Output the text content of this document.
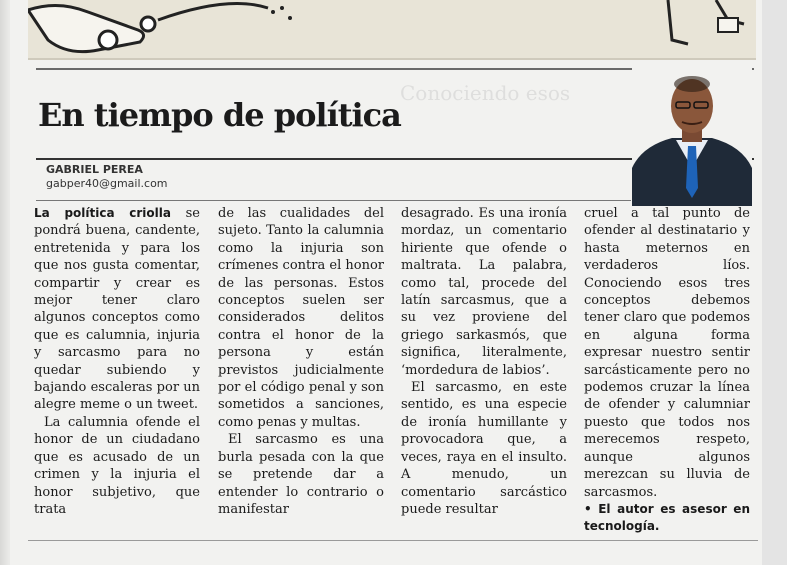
Conociendo esos
En tiempo de política
GABRIEL PEREA
gabper40@gmail.com

La política criolla se pondrá buena, candente, entretenida y para los que nos gusta comentar, compartir y crear es mejor tener claro algunos conceptos como que es calumnia, injuria y sarcasmo para no quedar subiendo y bajando escaleras por un alegre meme o un tweet.

La calumnia ofende el honor de un ciudadano que es acusado de un crimen y la injuria el honor subjetivo, que trata

de las cualidades del sujeto. Tanto la calumnia como la injuria son crímenes contra el honor de las personas. Estos conceptos suelen ser considerados delitos contra el honor de la persona y están previstos judicialmente por el código penal y son sometidos a sanciones, como penas y multas.

El sarcasmo es una burla pesada con la que se pretende dar a entender lo contrario o manifestar

desagrado. Es una ironía mordaz, un comentario hiriente que ofende o maltrata. La palabra, como tal, procede del latín sarcasmus, que a su vez proviene del griego sarkasmós, que significa, literalmente, ‘mordedura de labios’.

El sarcasmo, en este sentido, es una especie de ironía humillante y provocadora que, a veces, raya en el insulto. A menudo, un comentario sarcástico puede resultar

cruel a tal punto de ofender al destinatario y hasta meternos en verdaderos líos. Conociendo esos tres conceptos debemos tener claro que podemos en alguna forma expresar nuestro sentir sarcásticamente pero no podemos cruzar la línea de ofender y calumniar puesto que todos nos merecemos respeto, aunque algunos merezcan su lluvia de sarcasmos.

• El autor es asesor en tecnología.
